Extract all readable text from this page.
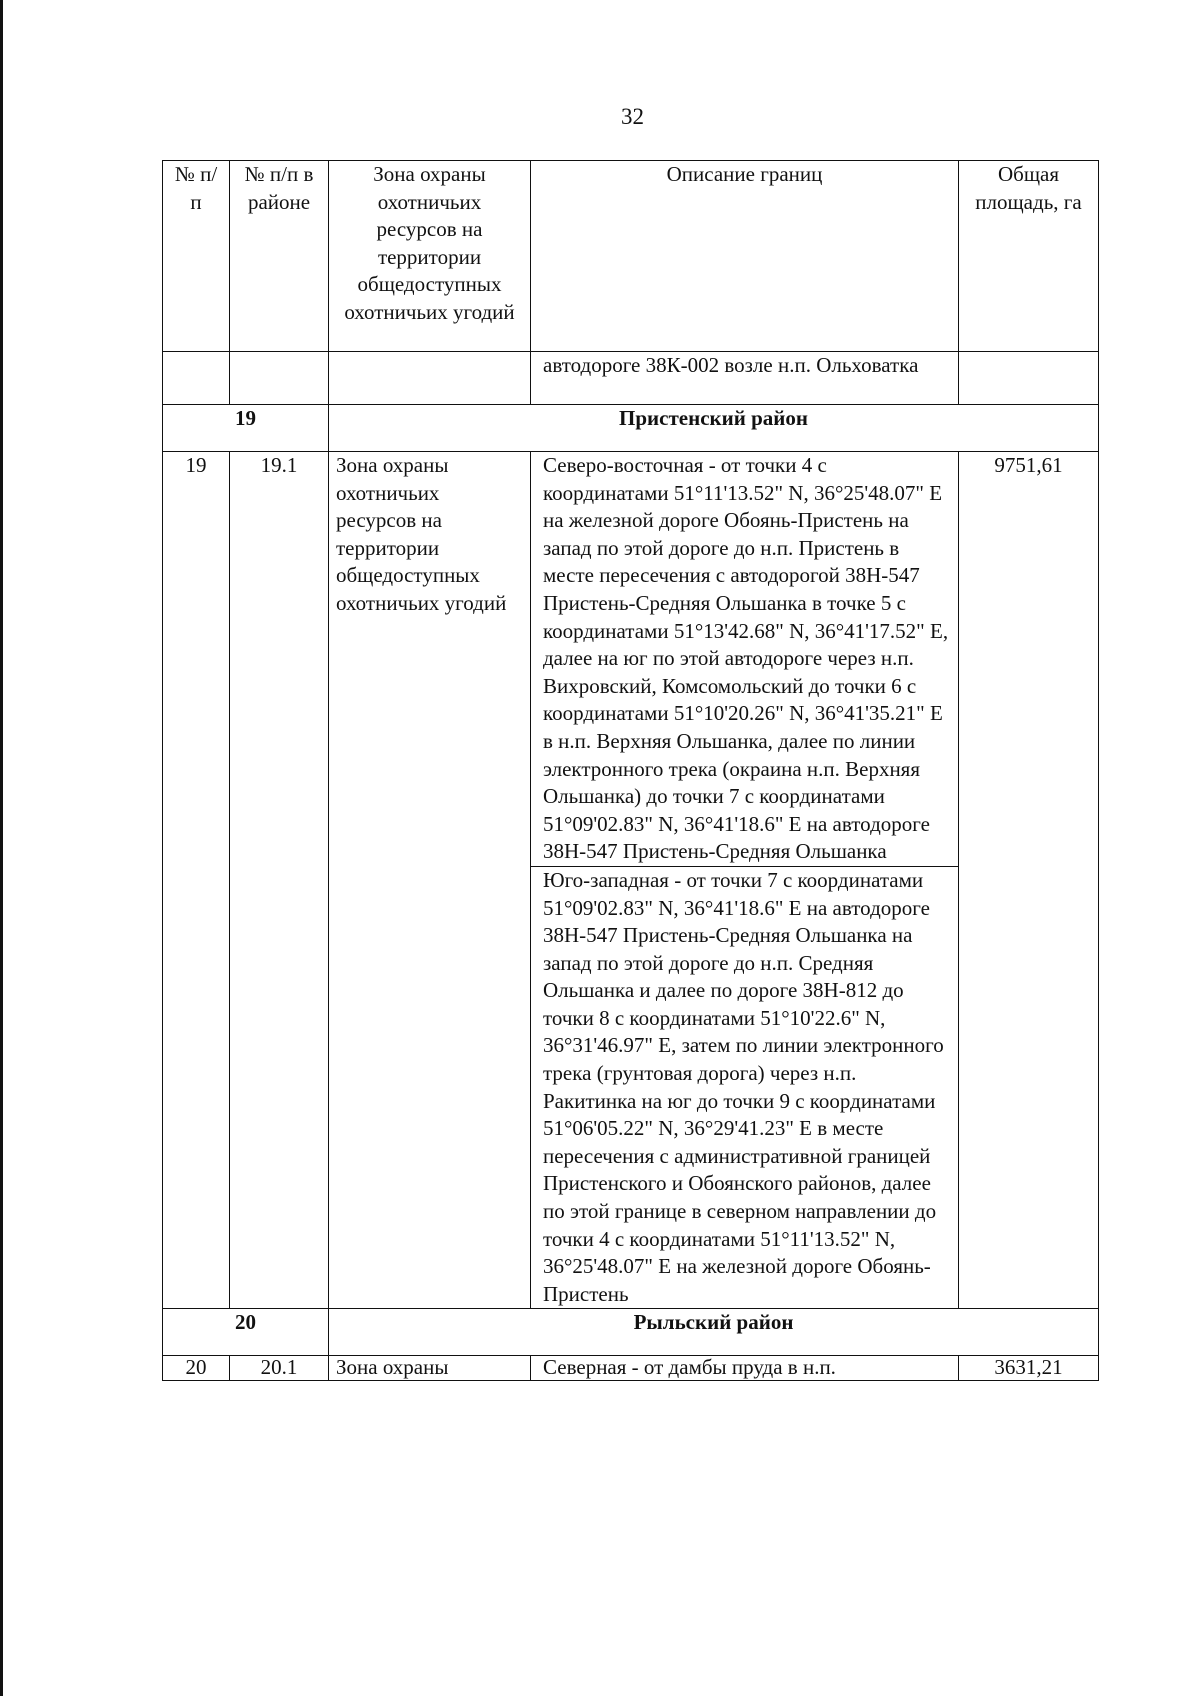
32
№ п/п	№ п/п в районе	Зона охраны охотничьих ресурсов на территории общедоступных охотничьих угодий	Описание границ	Общая площадь, га
			автодороге 38К-002 возле н.п. Ольховатка	
19		Пристенский район		
19	19.1	Зона охраны охотничьих ресурсов на территории общедоступных охотничьих угодий	Северо-восточная - от точки 4 с координатами 51°11'13.52" N, 36°25'48.07" E на железной дороге Обоянь-Пристень на запад по этой дороге до н.п. Пристень в месте пересечения с автодорогой 38Н-547 Пристень-Средняя Ольшанка в точке 5 с координатами 51°13'42.68" N, 36°41'17.52" E, далее на юг по этой автодороге через н.п. Вихровский, Комсомольский до точки 6 с координатами 51°10'20.26" N, 36°41'35.21" E в н.п. Верхняя Ольшанка, далее по линии электронного трека (окраина н.п. Верхняя Ольшанка) до точки 7 с координатами 51°09'02.83" N, 36°41'18.6" E на автодороге 38Н-547 Пристень-Средняя Ольшанка	9751,61
			Юго-западная - от точки 7 с координатами 51°09'02.83" N, 36°41'18.6" E на автодороге 38Н-547 Пристень-Средняя Ольшанка на запад по этой дороге до н.п. Средняя Ольшанка и далее по дороге 38Н-812 до точки 8 с координатами 51°10'22.6" N, 36°31'46.97" E, затем по линии электронного трека (грунтовая дорога) через н.п. Ракитинка на юг до точки 9 с координатами 51°06'05.22" N, 36°29'41.23" E в месте пересечения с административной границей Пристенского и Обоянского районов, далее по этой границе в северном направлении до точки 4 с координатами 51°11'13.52" N, 36°25'48.07" E на железной дороге Обоянь-Пристень	
20		Рыльский район		
20	20.1	Зона охраны	Северная - от дамбы пруда в н.п.	3631,21
